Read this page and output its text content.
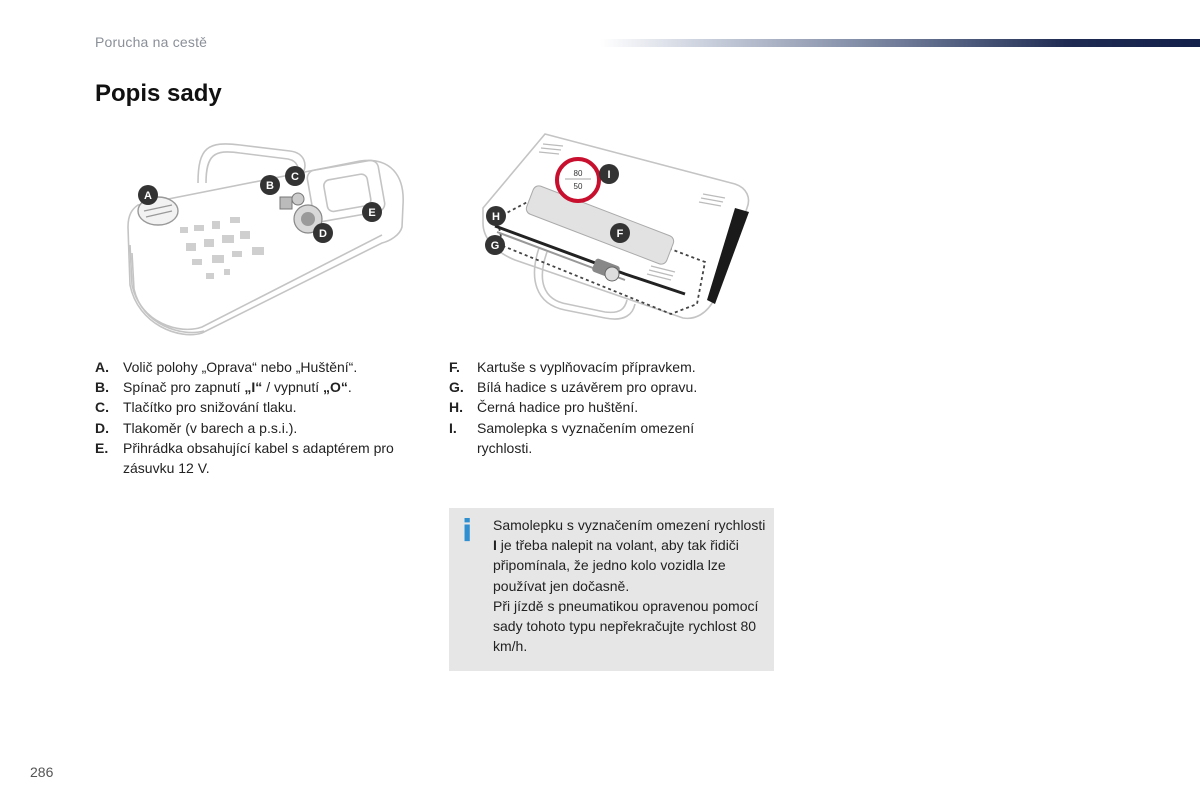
Porucha na cestě
Popis sady
A
B
C
D
E
80
50
H
G
F
I
A.	Volič polohy „Oprava“ nebo „Huštění“.
B.	Spínač pro zapnutí „I“ / vypnutí „O“.
C.	Tlačítko pro snižování tlaku.
D.	Tlakoměr (v barech a p.s.i.).
E.	Přihrádka obsahující kabel s adaptérem pro zásuvku 12 V.
F.	Kartuše s vyplňovacím přípravkem.
G. Bílá hadice s uzávěrem pro opravu.
H.	Černá hadice pro huštění.
I.	Samolepka s vyznačením omezení rychlosti.
i Samolepku s vyznačením omezení rychlosti I je třeba nalepit na volant, aby tak řidiči připomínala, že jedno kolo vozidla lze používat jen dočasně.
Při jízdě s pneumatikou opravenou pomocí sady tohoto typu nepřekračujte rychlost 80 km/h.
286
